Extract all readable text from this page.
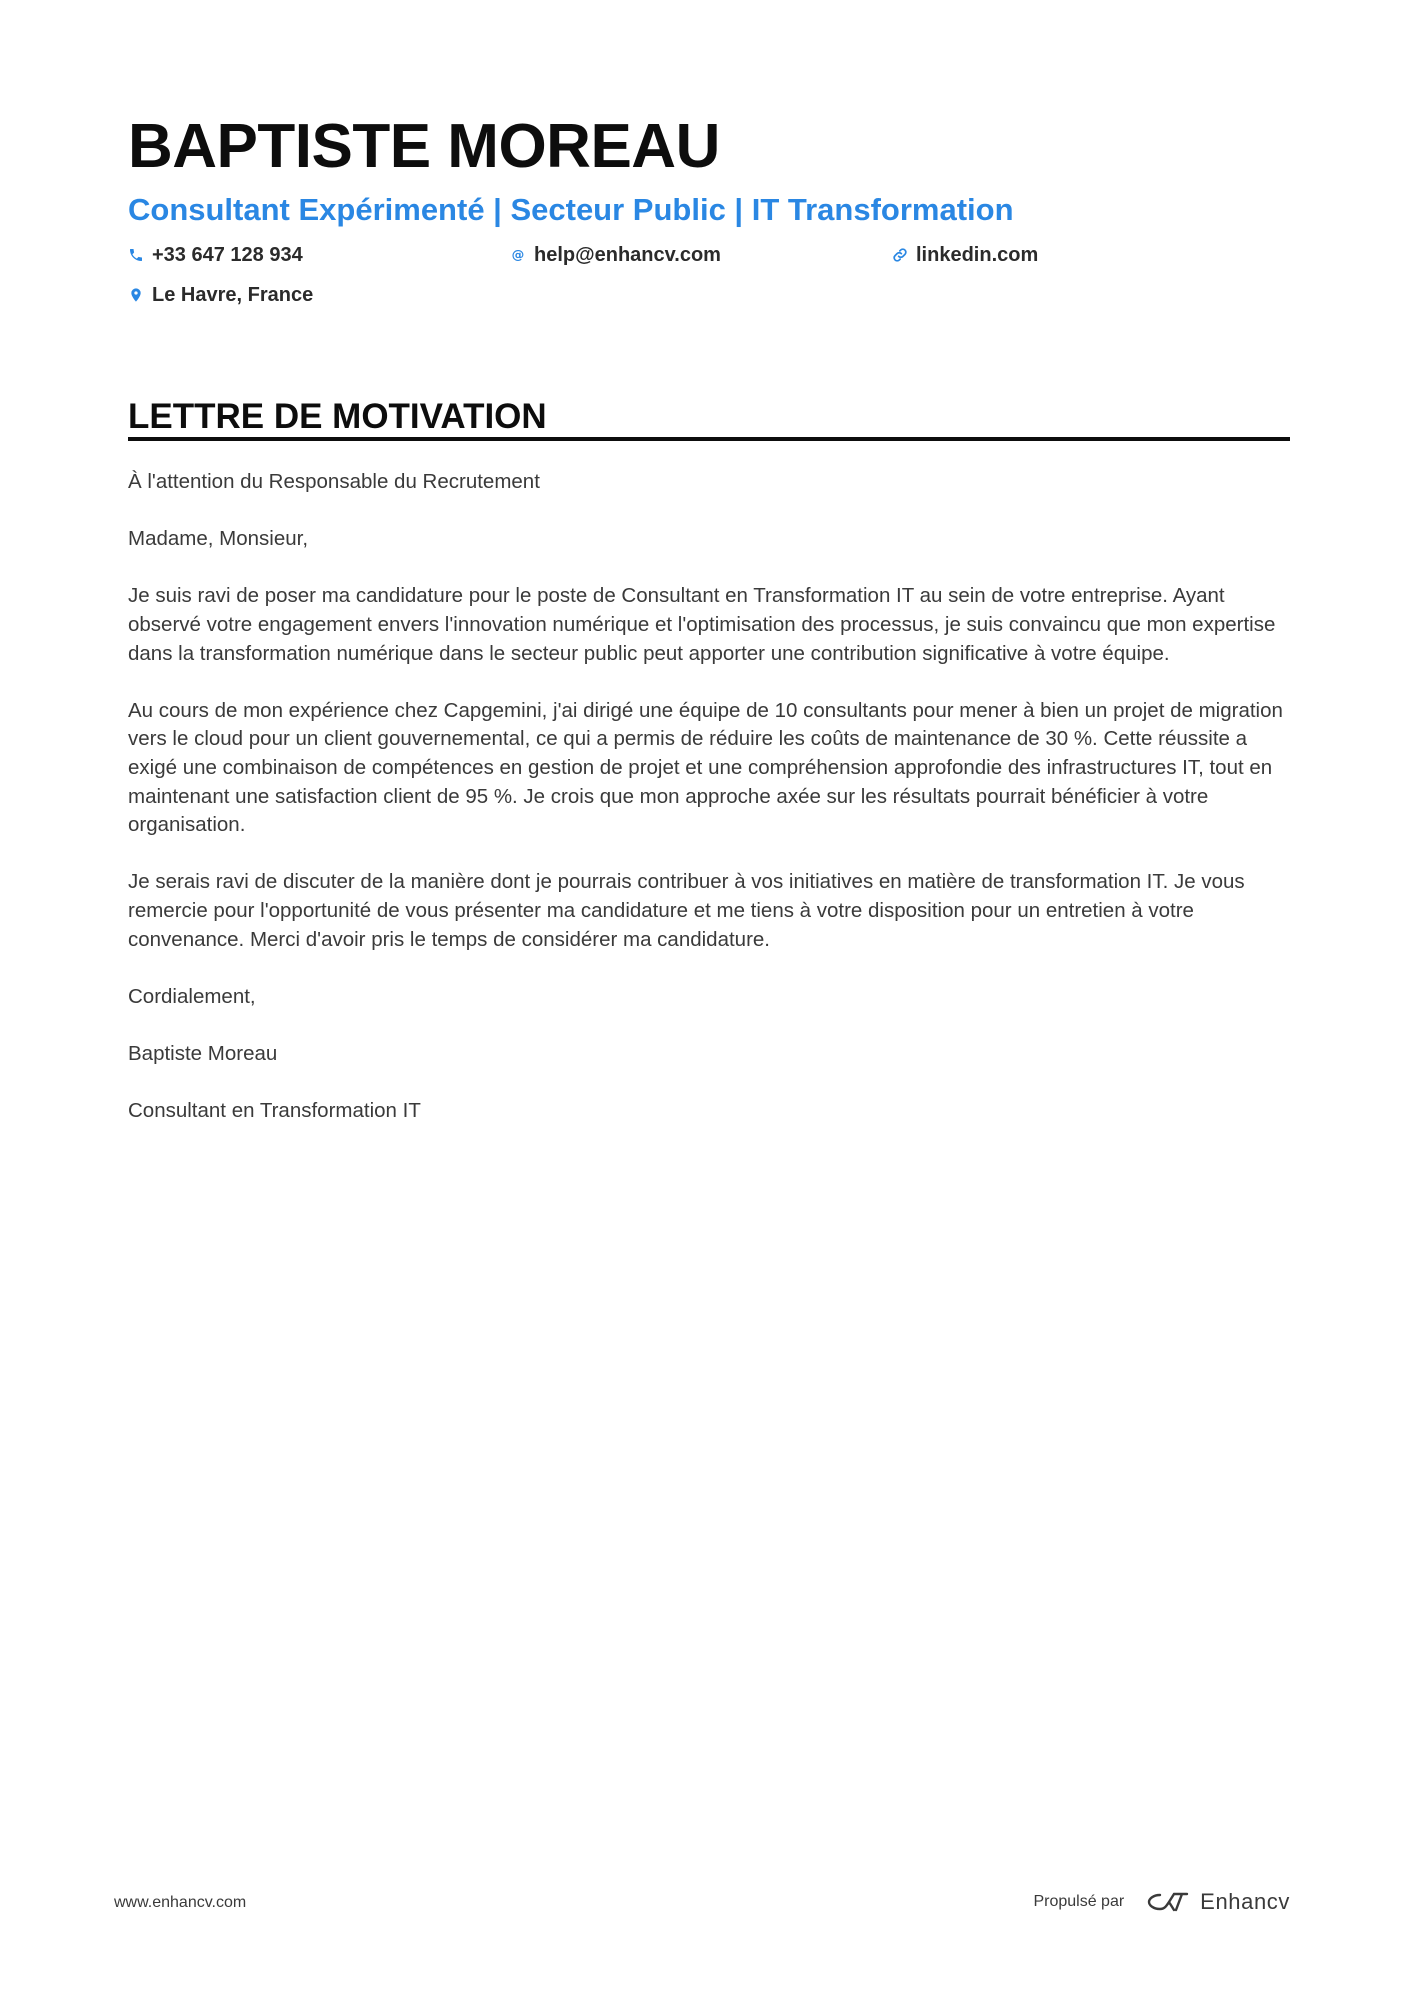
BAPTISTE MOREAU
Consultant Expérimenté | Secteur Public | IT Transformation
+33 647 128 934	@ help@enhancv.com	linkedin.com
Le Havre, France
LETTRE DE MOTIVATION

À l'attention du Responsable du Recrutement

Madame, Monsieur,

Je suis ravi de poser ma candidature pour le poste de Consultant en Transformation IT au sein de votre entreprise. Ayant observé votre engagement envers l'innovation numérique et l'optimisation des processus, je suis convaincu que mon expertise dans la transformation numérique dans le secteur public peut apporter une contribution significative à votre équipe.

Au cours de mon expérience chez Capgemini, j'ai dirigé une équipe de 10 consultants pour mener à bien un projet de migration vers le cloud pour un client gouvernemental, ce qui a permis de réduire les coûts de maintenance de 30 %. Cette réussite a exigé une combinaison de compétences en gestion de projet et une compréhension approfondie des infrastructures IT, tout en maintenant une satisfaction client de 95 %. Je crois que mon approche axée sur les résultats pourrait bénéficier à votre organisation.

Je serais ravi de discuter de la manière dont je pourrais contribuer à vos initiatives en matière de transformation IT. Je vous remercie pour l'opportunité de vous présenter ma candidature et me tiens à votre disposition pour un entretien à votre convenance. Merci d'avoir pris le temps de considérer ma candidature.

Cordialement,

Baptiste Moreau

Consultant en Transformation IT

www.enhancv.com	Propulsé par	Enhancv
